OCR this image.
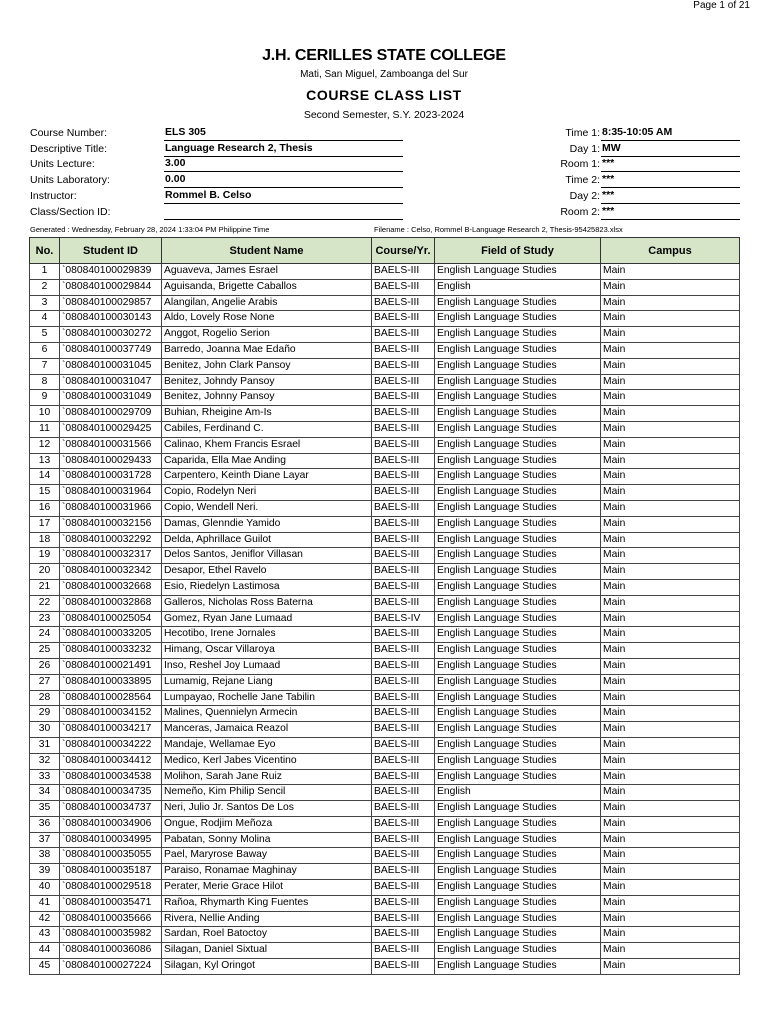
Page 1 of 21
J.H. CERILLES STATE COLLEGE
Mati, San Miguel, Zamboanga del Sur
COURSE CLASS LIST
Second Semester, S.Y. 2023-2024
Course Number:	ELS 305
Descriptive Title:	Language Research 2, Thesis
Units Lecture:	3.00
Units Laboratory:	0.00
Instructor:	Rommel B. Celso
Class/Section ID:
Time 1: 8:35-10:05 AM
Day 1: MW
Room 1: ***
Time 2: ***
Day 2: ***
Room 2: ***
Generated : Wednesday, February 28, 2024 1:33:04 PM Philippine Time	Filename : Celso, Rommel B-Language Research 2, Thesis-95425823.xlsx
No.	Student ID	Student Name	Course/Yr.	Field of Study	Campus
1	`080840100029839	Aguaveva, James Esrael	BAELS-III	English Language Studies	Main
2	`080840100029844	Aguisanda, Brigette Caballos	BAELS-III	English	Main
3	`080840100029857	Alangilan, Angelie Arabis	BAELS-III	English Language Studies	Main
4	`080840100030143	Aldo, Lovely Rose None	BAELS-III	English Language Studies	Main
5	`080840100030272	Anggot, Rogelio Serion	BAELS-III	English Language Studies	Main
6	`080840100037749	Barredo, Joanna Mae Edaño	BAELS-III	English Language Studies	Main
7	`080840100031045	Benitez, John Clark Pansoy	BAELS-III	English Language Studies	Main
8	`080840100031047	Benitez, Johndy Pansoy	BAELS-III	English Language Studies	Main
9	`080840100031049	Benitez, Johnny Pansoy	BAELS-III	English Language Studies	Main
10	`080840100029709	Buhian, Rheigine Am-Is	BAELS-III	English Language Studies	Main
11	`080840100029425	Cabiles, Ferdinand C.	BAELS-III	English Language Studies	Main
12	`080840100031566	Calinao, Khem Francis Esrael	BAELS-III	English Language Studies	Main
13	`080840100029433	Caparida, Ella Mae Anding	BAELS-III	English Language Studies	Main
14	`080840100031728	Carpentero, Keinth Diane Layar	BAELS-III	English Language Studies	Main
15	`080840100031964	Copio, Rodelyn Neri	BAELS-III	English Language Studies	Main
16	`080840100031966	Copio, Wendell Neri.	BAELS-III	English Language Studies	Main
17	`080840100032156	Damas, Glenndie Yamido	BAELS-III	English Language Studies	Main
18	`080840100032292	Delda, Aphrillace Guilot	BAELS-III	English Language Studies	Main
19	`080840100032317	Delos Santos, Jeniflor Villasan	BAELS-III	English Language Studies	Main
20	`080840100032342	Desapor, Ethel Ravelo	BAELS-III	English Language Studies	Main
21	`080840100032668	Esio, Riedelyn Lastimosa	BAELS-III	English Language Studies	Main
22	`080840100032868	Galleros, Nicholas Ross Baterna	BAELS-III	English Language Studies	Main
23	`080840100025054	Gomez, Ryan Jane Lumaad	BAELS-IV	English Language Studies	Main
24	`080840100033205	Hecotibo, Irene Jornales	BAELS-III	English Language Studies	Main
25	`080840100033232	Himang, Oscar Villaroya	BAELS-III	English Language Studies	Main
26	`080840100021491	Inso, Reshel Joy Lumaad	BAELS-III	English Language Studies	Main
27	`080840100033895	Lumamig, Rejane Liang	BAELS-III	English Language Studies	Main
28	`080840100028564	Lumpayao, Rochelle Jane Tabilin	BAELS-III	English Language Studies	Main
29	`080840100034152	Malines, Quennielyn Armecin	BAELS-III	English Language Studies	Main
30	`080840100034217	Manceras, Jamaica Reazol	BAELS-III	English Language Studies	Main
31	`080840100034222	Mandaje, Wellamae Eyo	BAELS-III	English Language Studies	Main
32	`080840100034412	Medico, Kerl Jabes Vicentino	BAELS-III	English Language Studies	Main
33	`080840100034538	Molihon, Sarah Jane Ruiz	BAELS-III	English Language Studies	Main
34	`080840100034735	Nemeño, Kim Philip Sencil	BAELS-III	English	Main
35	`080840100034737	Neri, Julio Jr. Santos De Los	BAELS-III	English Language Studies	Main
36	`080840100034906	Ongue, Rodjim Meñoza	BAELS-III	English Language Studies	Main
37	`080840100034995	Pabatan, Sonny Molina	BAELS-III	English Language Studies	Main
38	`080840100035055	Pael, Maryrose Baway	BAELS-III	English Language Studies	Main
39	`080840100035187	Paraiso, Ronamae Maghinay	BAELS-III	English Language Studies	Main
40	`080840100029518	Perater, Merie Grace Hilot	BAELS-III	English Language Studies	Main
41	`080840100035471	Rañoa, Rhymarth King Fuentes	BAELS-III	English Language Studies	Main
42	`080840100035666	Rivera, Nellie Anding	BAELS-III	English Language Studies	Main
43	`080840100035982	Sardan, Roel Batoctoy	BAELS-III	English Language Studies	Main
44	`080840100036086	Silagan, Daniel Sixtual	BAELS-III	English Language Studies	Main
45	`080840100027224	Silagan, Kyl Oringot	BAELS-III	English Language Studies	Main
